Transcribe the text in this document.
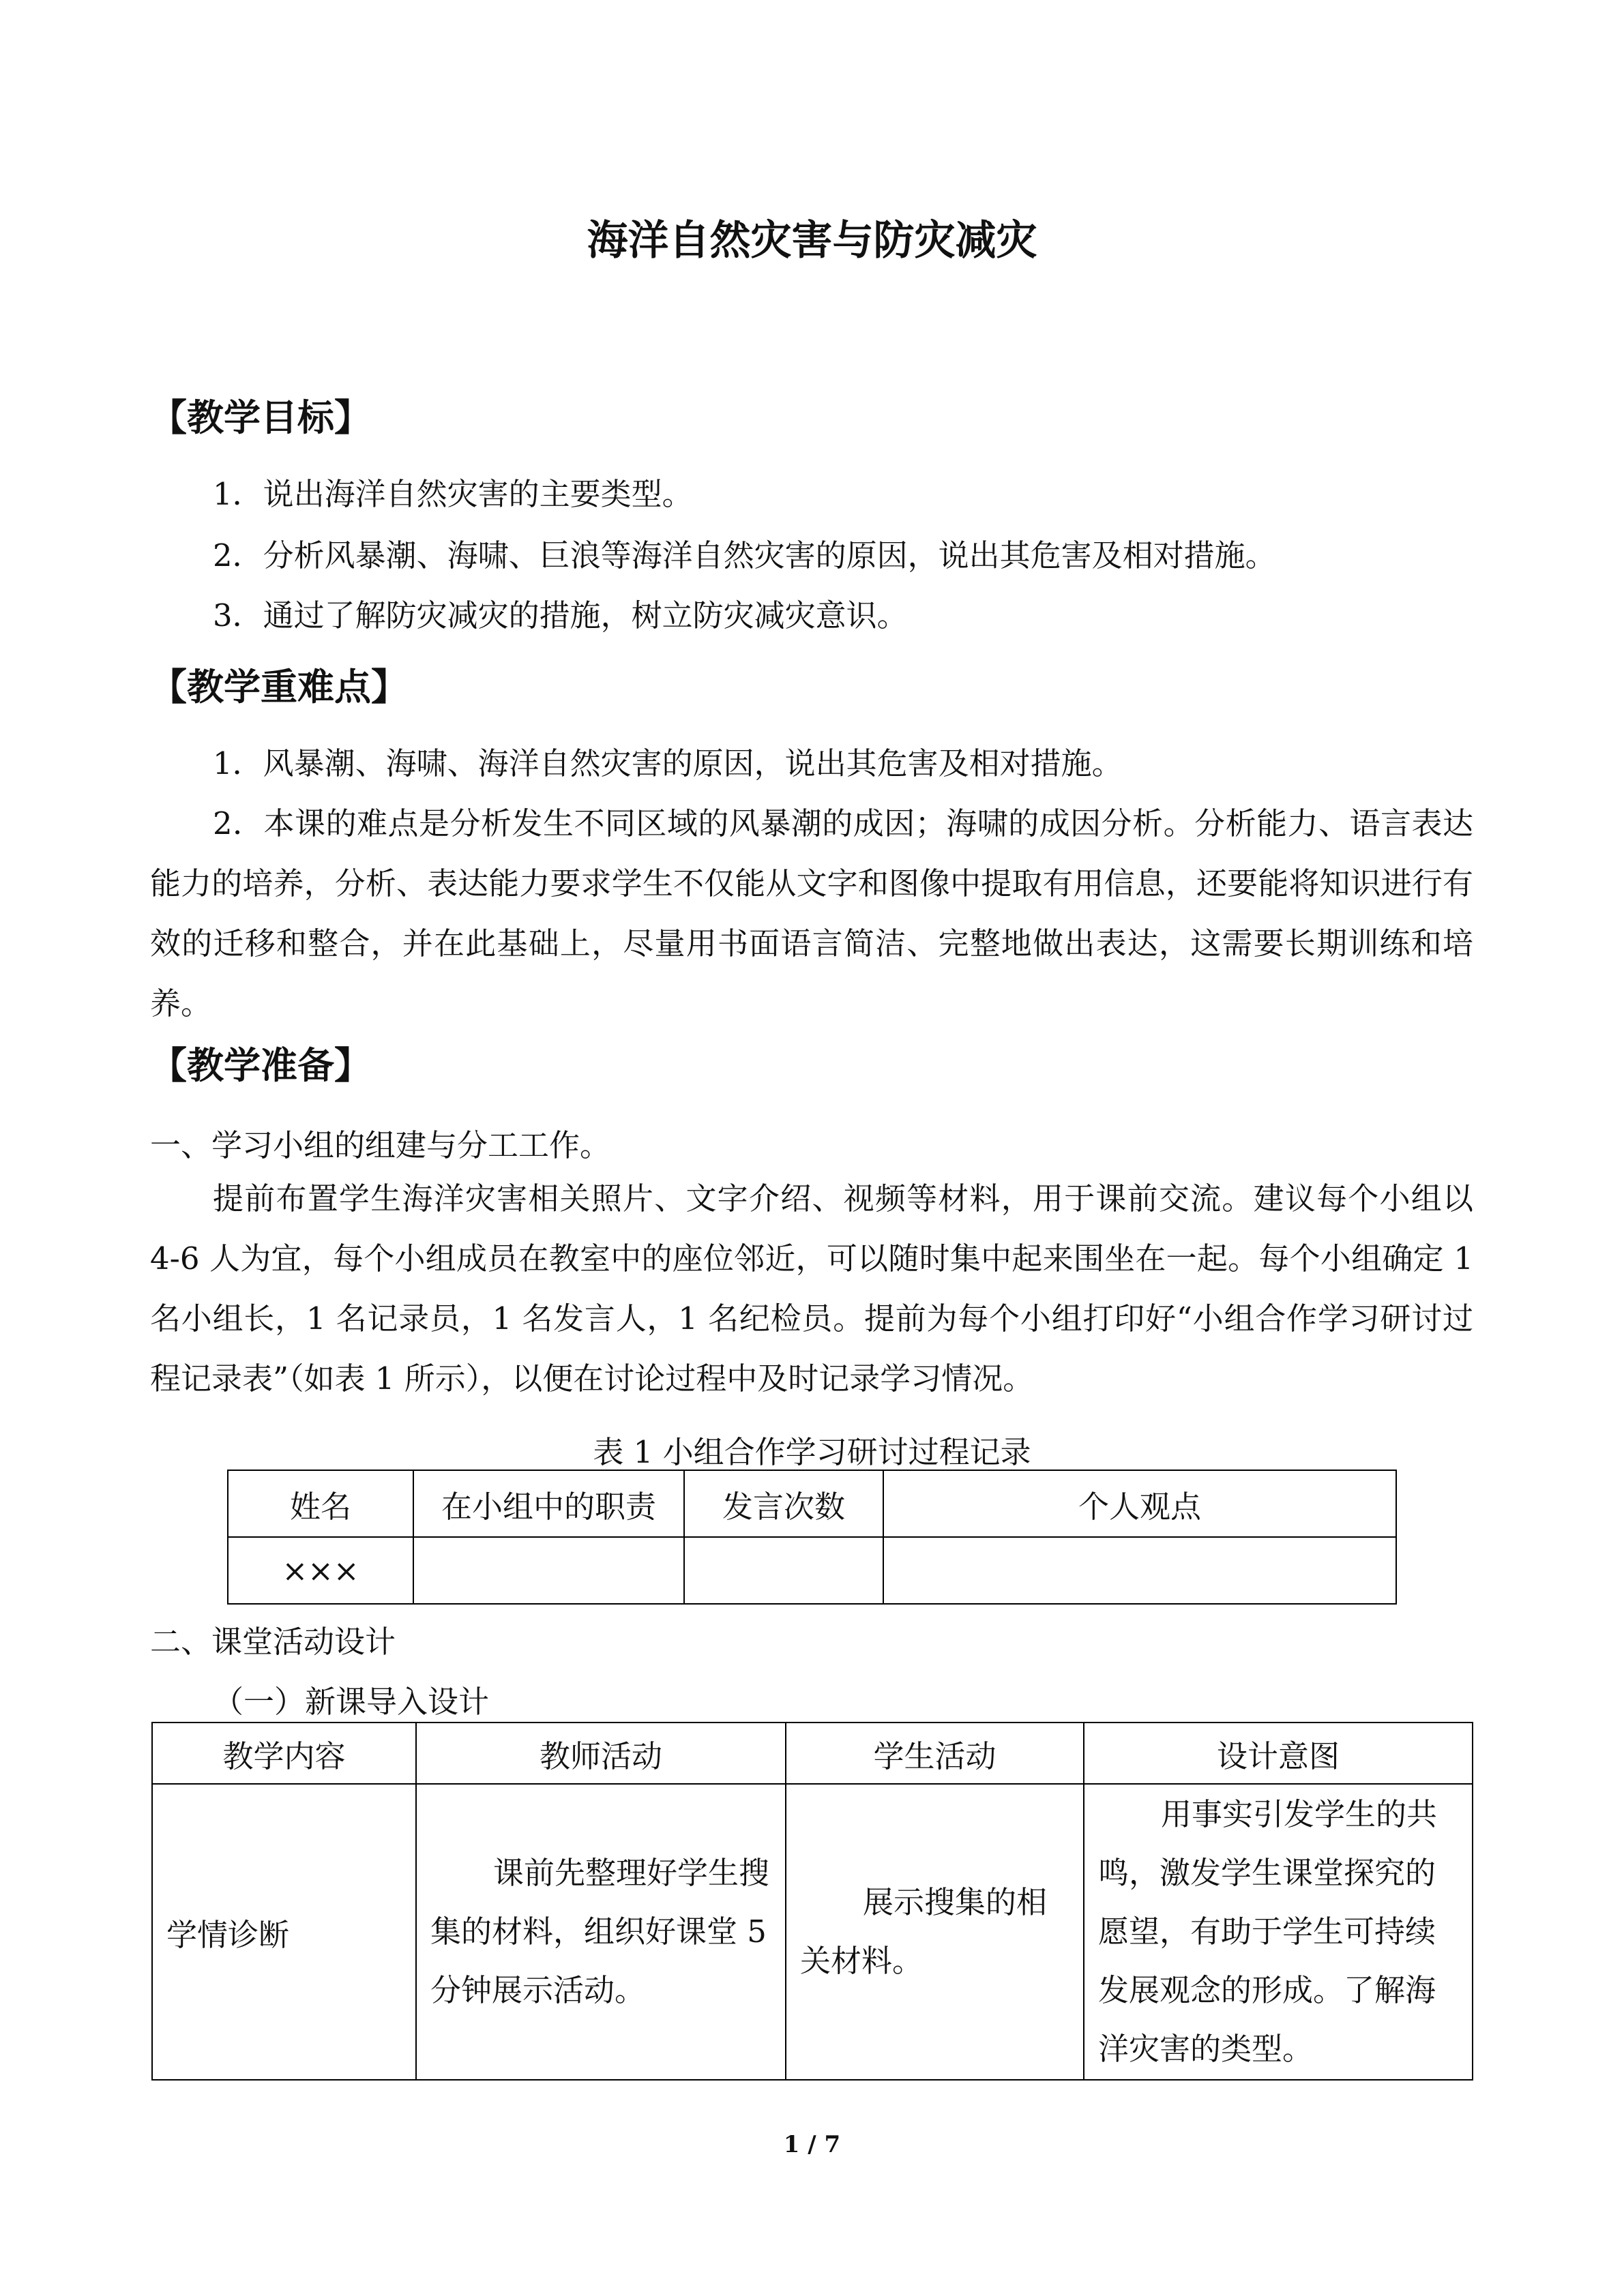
海洋自然灾害与防灾减灾
【教学目标】
1．说出海洋自然灾害的主要类型。
2．分析风暴潮、海啸、巨浪等海洋自然灾害的原因，说出其危害及相对措施。
3．通过了解防灾减灾的措施，树立防灾减灾意识。
【教学重难点】
1．风暴潮、海啸、海洋自然灾害的原因，说出其危害及相对措施。

2．本课的难点是分析发生不同区域的风暴潮的成因；海啸的成因分析。分析能力、语言表达能力的培养，分析、表达能力要求学生不仅能从文字和图像中提取有用信息，还要能将知识进行有效的迁移和整合，并在此基础上，尽量用书面语言简洁、完整地做出表达，这需要长期训练和培养。

【教学准备】
一、学习小组的组建与分工工作。

提前布置学生海洋灾害相关照片、文字介绍、视频等材料，用于课前交流。建议每个小组以 4-6 人为宜，每个小组成员在教室中的座位邻近，可以随时集中起来围坐在一起。每个小组确定 1 名小组长，1 名记录员，1 名发言人，1 名纪检员。提前为每个小组打印好“小组合作学习研讨过程记录表”（如表 1 所示），以便在讨论过程中及时记录学习情况。

表 1 小组合作学习研讨过程记录
姓名	在小组中的职责	发言次数	个人观点
×××			
二、课堂活动设计
（一）新课导入设计
教学内容	教师活动	学生活动	设计意图
学情诊断	课前先整理好学生搜集的材料，组织好课堂 5 分钟展示活动。	展示搜集的相关材料。	用事实引发学生的共鸣，激发学生课堂探究的愿望，有助于学生可持续发展观念的形成。了解海洋灾害的类型。

1 / 7
